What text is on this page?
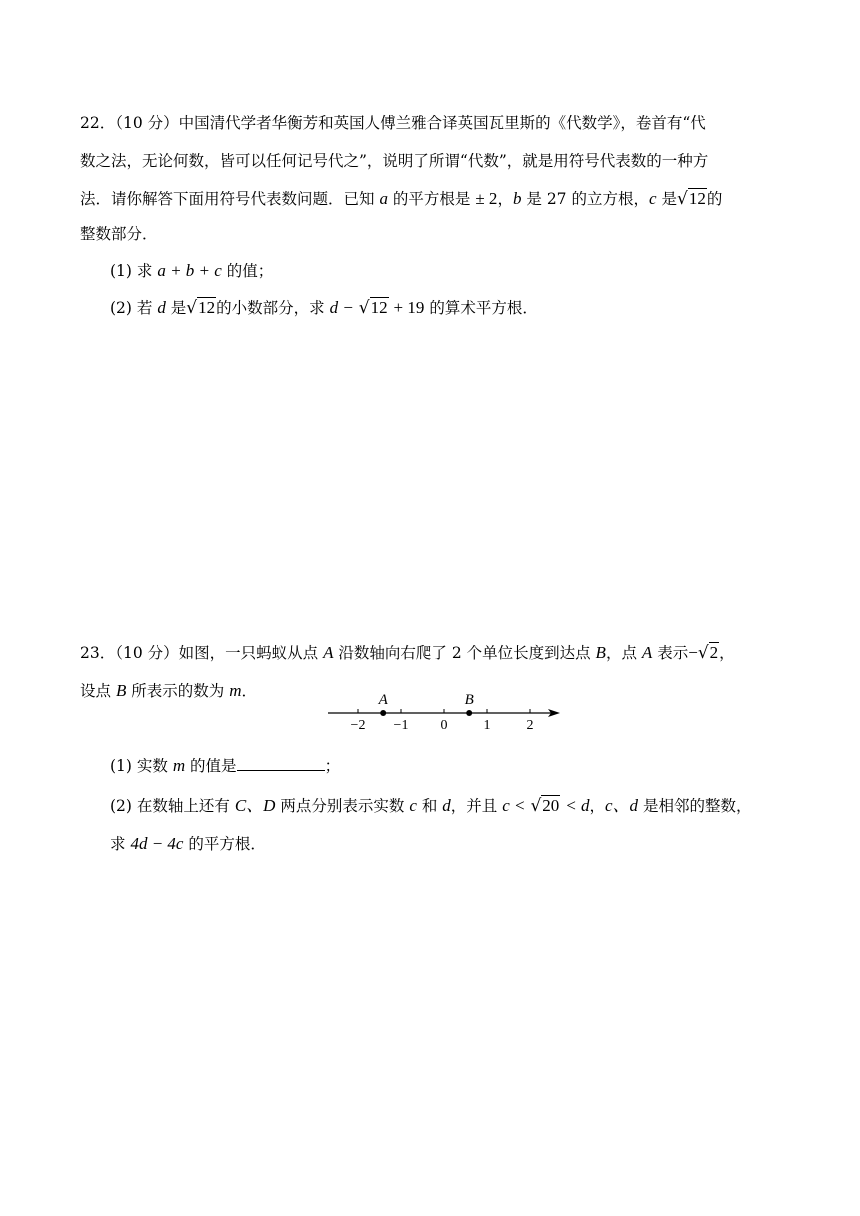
22．（10 分）中国清代学者华衡芳和英国人傅兰雅合译英国瓦里斯的《代数学》，卷首有“代
数之法，无论何数，皆可以任何记号代之”，说明了所谓“代数”，就是用符号代表数的一种方
法．请你解答下面用符号代表数问题．已知 a 的平方根是 ± 2，b 是 27 的立方根，c 是√12的
整数部分．
(1) 求 a + b + c 的值；
(2) 若 d 是√12的小数部分，求 d − √12 + 19 的算术平方根．
23．（10 分）如图，一只蚂蚁从点 A 沿数轴向右爬了 2 个单位长度到达点 B，点 A 表示−√2，
设点 B 所表示的数为 m．
−2 −1 0	1	2
A	B
(1) 实数 m 的值是	；
(2) 在数轴上还有 C、D 两点分别表示实数 c 和 d，并且 c < √20 < d，c、d 是相邻的整数，
求 4d − 4c 的平方根．
